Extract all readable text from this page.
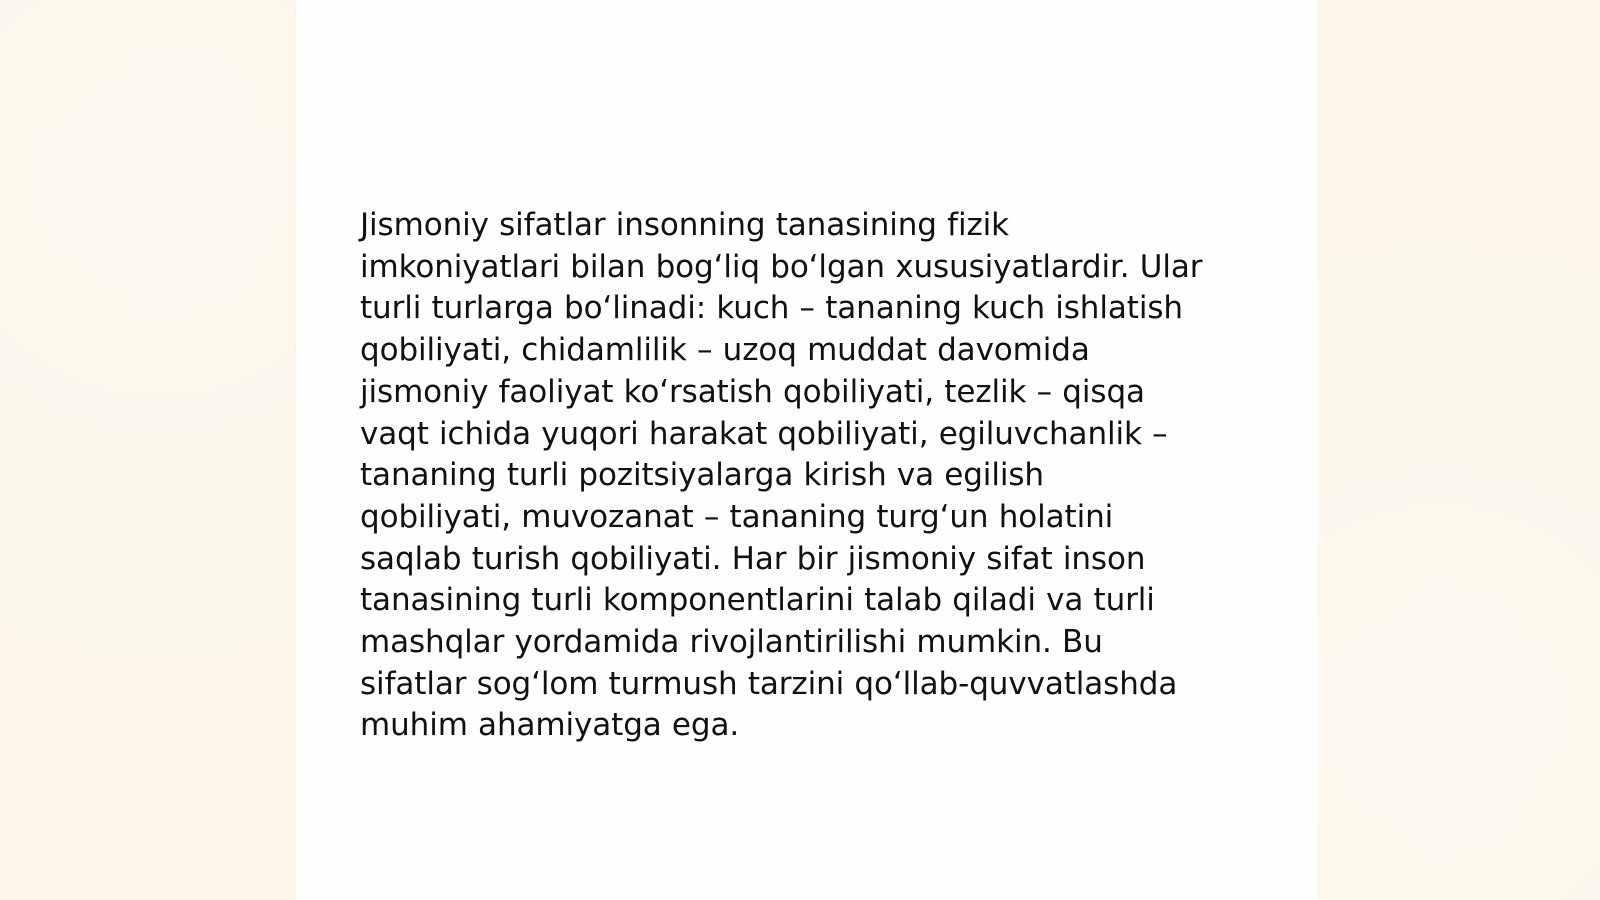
Jismoniy sifatlar insonning tanasining fizik
imkoniyatlari bilan bog‘liq bo‘lgan xususiyatlardir. Ular
turli turlarga bo‘linadi: kuch – tananing kuch ishlatish
qobiliyati, chidamlilik – uzoq muddat davomida
jismoniy faoliyat ko‘rsatish qobiliyati, tezlik – qisqa
vaqt ichida yuqori harakat qobiliyati, egiluvchanlik –
tananing turli pozitsiyalarga kirish va egilish
qobiliyati, muvozanat – tananing turg‘un holatini
saqlab turish qobiliyati. Har bir jismoniy sifat inson
tanasining turli komponentlarini talab qiladi va turli
mashqlar yordamida rivojlantirilishi mumkin. Bu
sifatlar sog‘lom turmush tarzini qo‘llab-quvvatlashda
muhim ahamiyatga ega.
